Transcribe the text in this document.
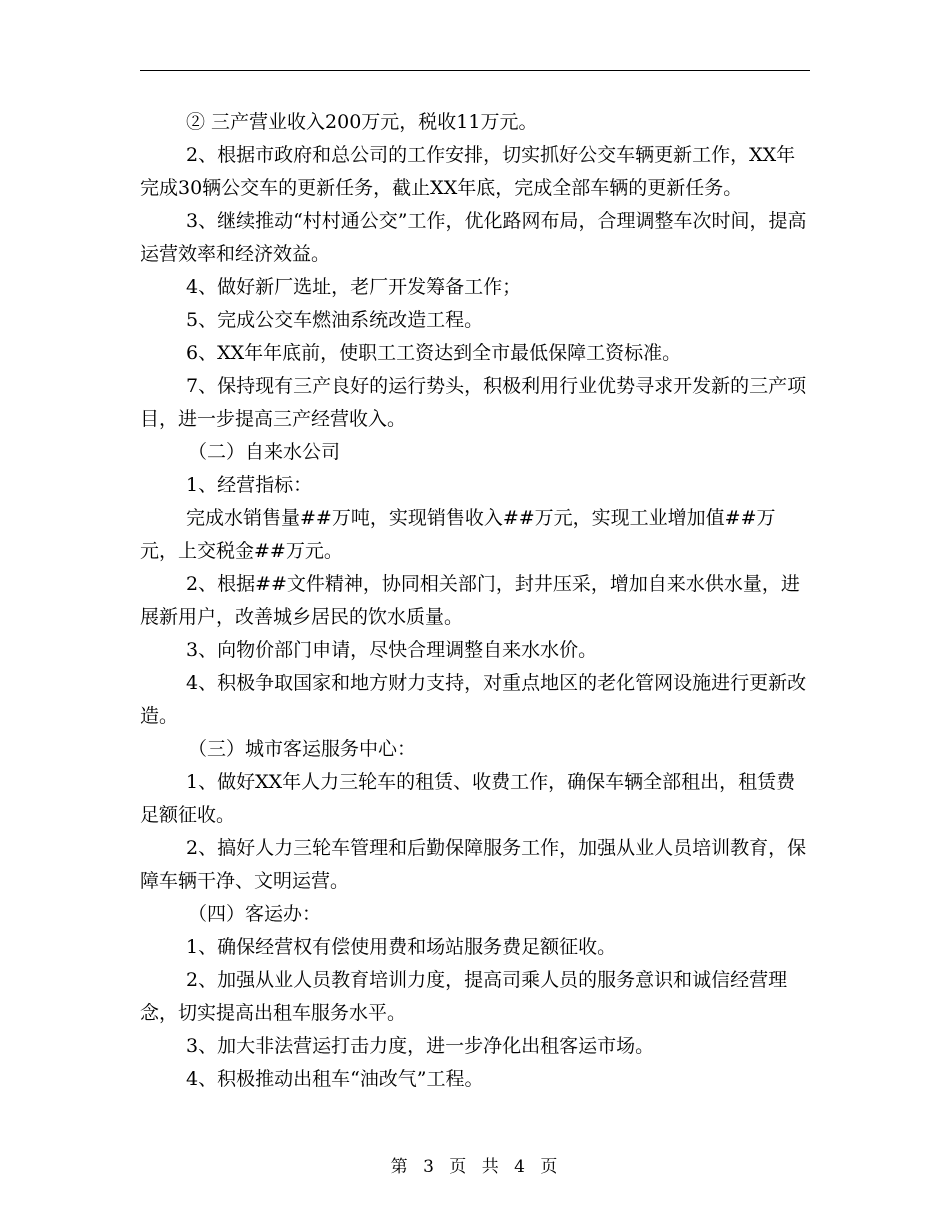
② 三产营业收入200万元，税收11万元。

2、根据市政府和总公司的工作安排，切实抓好公交车辆更新工作，XX年完成30辆公交车的更新任务，截止XX年底，完成全部车辆的更新任务。

3、继续推动“村村通公交”工作，优化路网布局，合理调整车次时间，提高运营效率和经济效益。

4、做好新厂选址，老厂开发筹备工作；

5、完成公交车燃油系统改造工程。

6、XX年年底前，使职工工资达到全市最低保障工资标准。

7、保持现有三产良好的运行势头，积极利用行业优势寻求开发新的三产项目，进一步提高三产经营收入。

（二）自来水公司

1、经营指标：

完成水销售量##万吨，实现销售收入##万元，实现工业增加值##万元，上交税金##万元。

2、根据##文件精神，协同相关部门，封井压采，增加自来水供水量，进展新用户，改善城乡居民的饮水质量。

3、向物价部门申请，尽快合理调整自来水水价。

4、积极争取国家和地方财力支持，对重点地区的老化管网设施进行更新改造。

（三）城市客运服务中心：

1、做好XX年人力三轮车的租赁、收费工作，确保车辆全部租出，租赁费足额征收。

2、搞好人力三轮车管理和后勤保障服务工作，加强从业人员培训教育，保障车辆干净、文明运营。

（四）客运办：

1、确保经营权有偿使用费和场站服务费足额征收。

2、加强从业人员教育培训力度，提高司乘人员的服务意识和诚信经营理念，切实提高出租车服务水平。

3、加大非法营运打击力度，进一步净化出租客运市场。

4、积极推动出租车“油改气”工程。

第 3 页 共 4 页
